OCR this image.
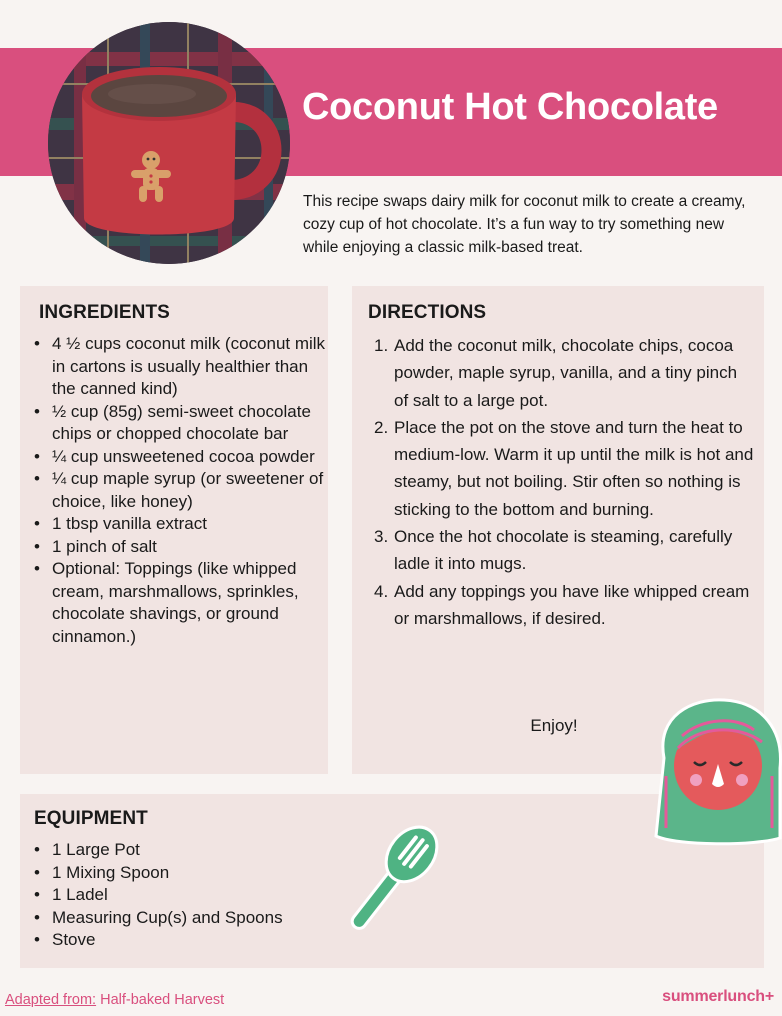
Coconut Hot Chocolate

This recipe swaps dairy milk for coconut milk to create a creamy, cozy cup of hot chocolate. It’s a fun way to try something new while enjoying a classic milk-based treat.

INGREDIENTS
• 4 ½ cups coconut milk (coconut milk in cartons is usually healthier than the canned kind)
• ½ cup (85g) semi-sweet chocolate chips or chopped chocolate bar
• ¼ cup unsweetened cocoa powder
• ¼ cup maple syrup (or sweetener of choice, like honey)
• 1 tbsp vanilla extract
• 1 pinch of salt
• Optional: Toppings (like whipped cream, marshmallows, sprinkles, chocolate shavings, or ground cinnamon.)
DIRECTIONS
1. Add the coconut milk, chocolate chips, cocoa powder, maple syrup, vanilla, and a tiny pinch of salt to a large pot.
2. Place the pot on the stove and turn the heat to medium-low. Warm it up until the milk is hot and steamy, but not boiling. Stir often so nothing is sticking to the bottom and burning.
3. Once the hot chocolate is steaming, carefully ladle it into mugs.
4. Add any toppings you have like whipped cream or marshmallows, if desired.

Enjoy!

EQUIPMENT
• 1 Large Pot
• 1 Mixing Spoon
• 1 Ladel
• Measuring Cup(s) and Spoons
• Stove

Adapted from: Half-baked Harvest	summerlunch+
